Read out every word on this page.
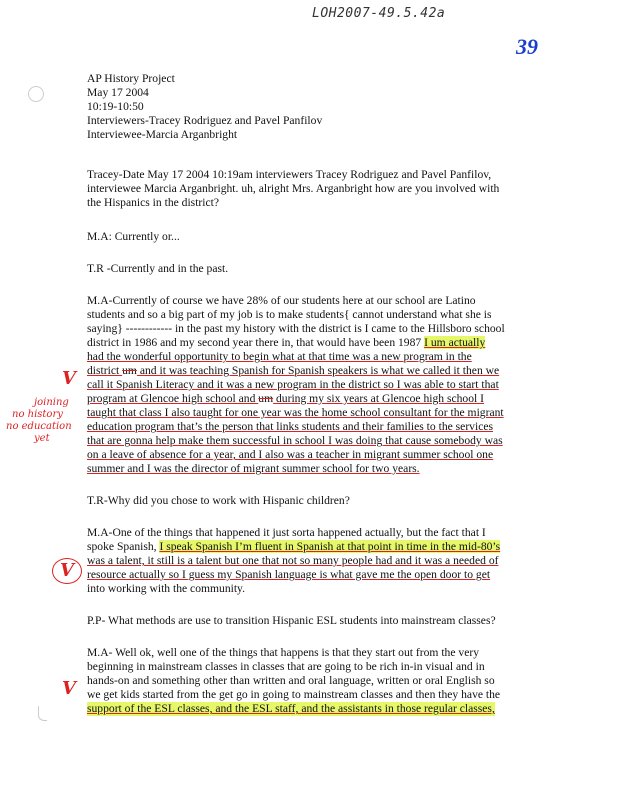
LOH2007-49.5.42a
39
AP History Project
May 17 2004
10:19-10:50
Interviewers-Tracey Rodriguez and Pavel Panfilov
Interviewee-Marcia Arganbright
Tracey-Date May 17 2004 10:19am interviewers Tracey Rodriguez and Pavel Panfilov,
interviewee Marcia Arganbright. uh, alright Mrs. Arganbright how are you involved with
the Hispanics in the district?
M.A: Currently or...
T.R -Currently and in the past.
M.A-Currently of course we have 28% of our students here at our school are Latino
students and so a big part of my job is to make students{ cannot understand what she is
saying} ------------ in the past my history with the district is I came to the Hillsboro school
district in 1986 and my second year there in, that would have been 1987 I um actually
had the wonderful opportunity to begin what at that time was a new program in the
district um and it was teaching Spanish for Spanish speakers is what we called it then we
call it Spanish Literacy and it was a new program in the district so I was able to start that
program at Glencoe high school and um during my six years at Glencoe high school I
taught that class I also taught for one year was the home school consultant for the migrant
education program that’s the person that links students and their families to the services
that are gonna help make them successful in school I was doing that cause somebody was
on a leave of absence for a year, and I also was a teacher in migrant summer school one
summer and I was the director of migrant summer school for two years.
V
joining
no history
no education
yet
T.R-Why did you chose to work with Hispanic children?
M.A-One of the things that happened it just sorta happened actually, but the fact that I
spoke Spanish, I speak Spanish I’m fluent in Spanish at that point in time in the mid-80’s
was a talent, it still is a talent but one that not so many people had and it was a needed of
resource actually so I guess my Spanish language is what gave me the open door to get
into working with the community.
V
P.P- What methods are use to transition Hispanic ESL students into mainstream classes?
M.A- Well ok, well one of the things that happens is that they start out from the very
beginning in mainstream classes in classes that are going to be rich in-in visual and in
hands-on and something other than written and oral language, written or oral English so
we get kids started from the get go in going to mainstream classes and then they have the
support of the ESL classes, and the ESL staff, and the assistants in those regular classes,
V
